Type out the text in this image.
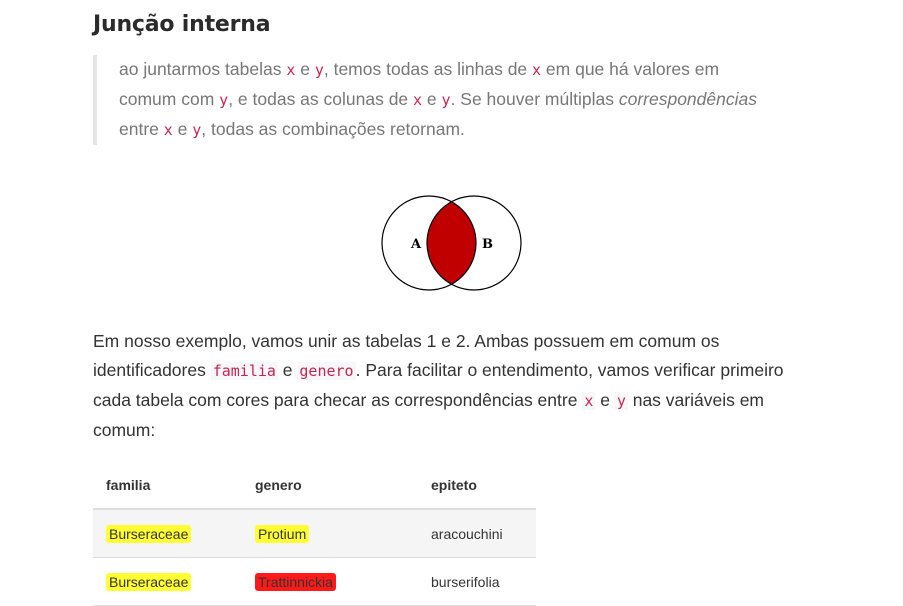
Junção interna
ao juntarmos tabelas x e y, temos todas as linhas de x em que há valores em comum com y, e todas as colunas de x e y. Se houver múltiplas correspondências entre x e y, todas as combinações retornam.
A	B
Em nosso exemplo, vamos unir as tabelas 1 e 2. Ambas possuem em comum os identificadores familia e genero . Para facilitar o entendimento, vamos verificar primeiro cada tabela com cores para checar as correspondências entre x e y nas variáveis em comum:
familia	genero	epiteto
Burseraceae	Protium	aracouchini
Burseraceae	Trattinnickia	burserifolia
